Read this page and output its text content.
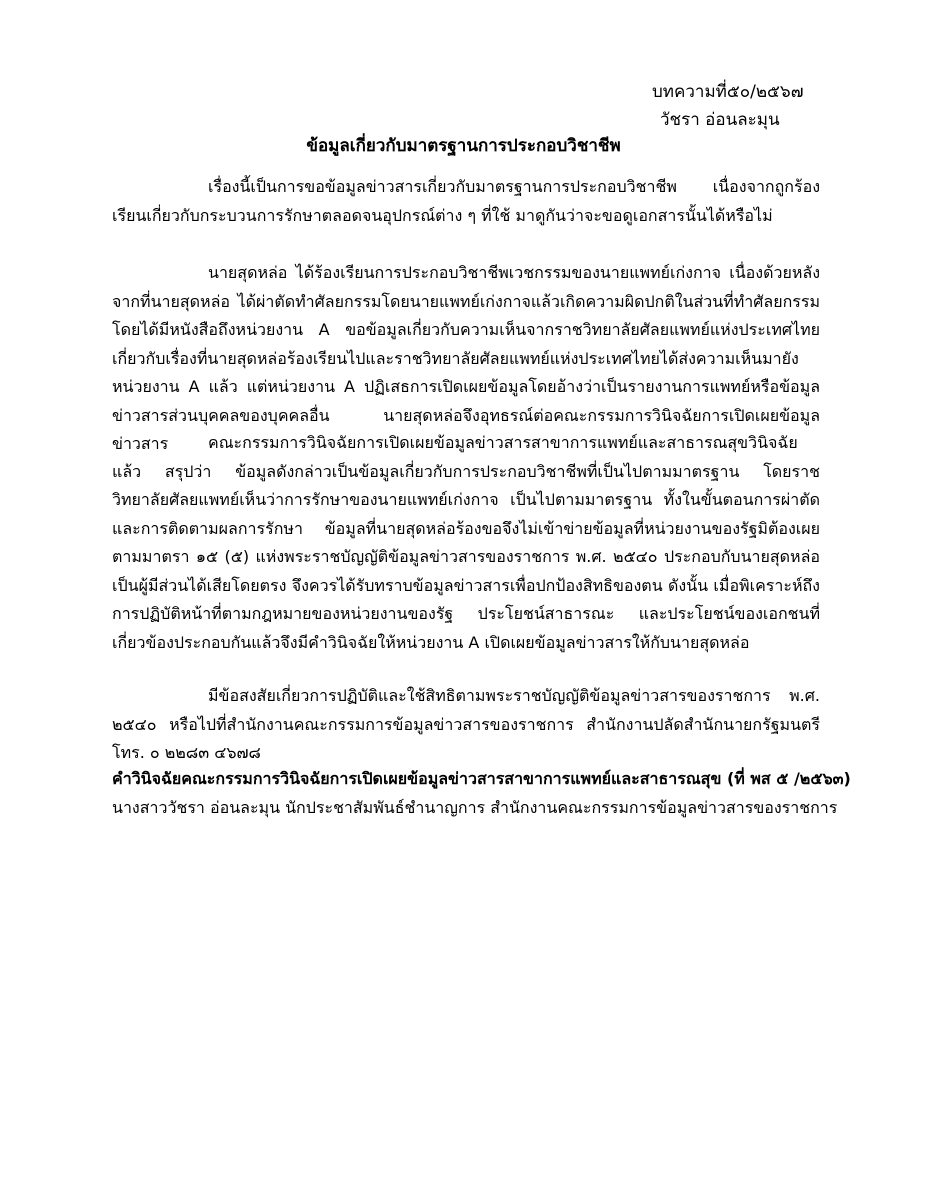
บทความที่๕๐/๒๕๖๗
วัชรา อ่อนละมุน
ข้อมูลเกี่ยวกับมาตรฐานการประกอบวิชาชีพ

เรื่องนี้เป็นการขอข้อมูลข่าวสารเกี่ยวกับมาตรฐานการประกอบวิชาชีพ เนื่องจากถูกร้องเรียนเกี่ยวกับกระบวนการรักษาตลอดจนอุปกรณ์ต่าง ๆ ที่ใช้ มาดูกันว่าจะขอดูเอกสารนั้นได้หรือไม่

นายสุดหล่อ ได้ร้องเรียนการประกอบวิชาชีพเวชกรรมของนายแพทย์เก่งกาจ เนื่องด้วยหลังจากที่นายสุดหล่อ ได้ผ่าตัดทำศัลยกรรมโดยนายแพทย์เก่งกาจแล้วเกิดความผิดปกติในส่วนที่ทำศัลยกรรม โดยได้มีหนังสือถึงหน่วยงาน A ขอข้อมูลเกี่ยวกับความเห็นจากราชวิทยาลัยศัลยแพทย์แห่งประเทศไทย เกี่ยวกับเรื่องที่นายสุดหล่อร้องเรียนไปและราชวิทยาลัยศัลยแพทย์แห่งประเทศไทยได้ส่งความเห็นมายังหน่วยงาน A แล้ว แต่หน่วยงาน A ปฏิเสธการเปิดเผยข้อมูลโดยอ้างว่าเป็นรายงานการแพทย์หรือข้อมูลข่าวสารส่วนบุคคลของบุคคลอื่น นายสุดหล่อจึงอุทธรณ์ต่อคณะกรรมการวินิจฉัยการเปิดเผยข้อมูลข่าวสาร	คณะกรรมการวินิจฉัยการเปิดเผยข้อมูลข่าวสารสาขาการแพทย์และสาธารณสุขวินิจฉัยแล้ว สรุปว่า ข้อมูลดังกล่าวเป็นข้อมูลเกี่ยวกับการประกอบวิชาชีพที่เป็นไปตามมาตรฐาน โดยราชวิทยาลัยศัลยแพทย์เห็นว่าการรักษาของนายแพทย์เก่งกาจ เป็นไปตามมาตรฐาน ทั้งในขั้นตอนการผ่าตัดและการติดตามผลการรักษา ข้อมูลที่นายสุดหล่อร้องขอจึงไม่เข้าข่ายข้อมูลที่หน่วยงานของรัฐมิต้องเผยตามมาตรา ๑๕ (๕) แห่งพระราชบัญญัติข้อมูลข่าวสารของราชการ พ.ศ. ๒๕๔๐ ประกอบกับนายสุดหล่อเป็นผู้มีส่วนได้เสียโดยตรง จึงควรได้รับทราบข้อมูลข่าวสารเพื่อปกป้องสิทธิของตน ดังนั้น เมื่อพิเคราะห์ถึงการปฏิบัติหน้าที่ตามกฎหมายของหน่วยงานของรัฐ ประโยชน์สาธารณะ และประโยชน์ของเอกชนที่เกี่ยวข้องประกอบกันแล้วจึงมีคำวินิจฉัยให้หน่วยงาน A เปิดเผยข้อมูลข่าวสารให้กับนายสุดหล่อ

มีข้อสงสัยเกี่ยวการปฏิบัติและใช้สิทธิตามพระราชบัญญัติข้อมูลข่าวสารของราชการ พ.ศ. ๒๕๔๐ หรือไปที่สำนักงานคณะกรรมการข้อมูลข่าวสารของราชการ สำนักงานปลัดสำนักนายกรัฐมนตรี โทร. ๐ ๒๒๘๓ ๔๖๗๘

คำวินิจฉัยคณะกรรมการวินิจฉัยการเปิดเผยข้อมูลข่าวสารสาขาการแพทย์และสาธารณสุข (ที่ พส ๕ /๒๕๖๓)
นางสาววัชรา อ่อนละมุน นักประชาสัมพันธ์ชำนาญการ สำนักงานคณะกรรมการข้อมูลข่าวสารของราชการ
